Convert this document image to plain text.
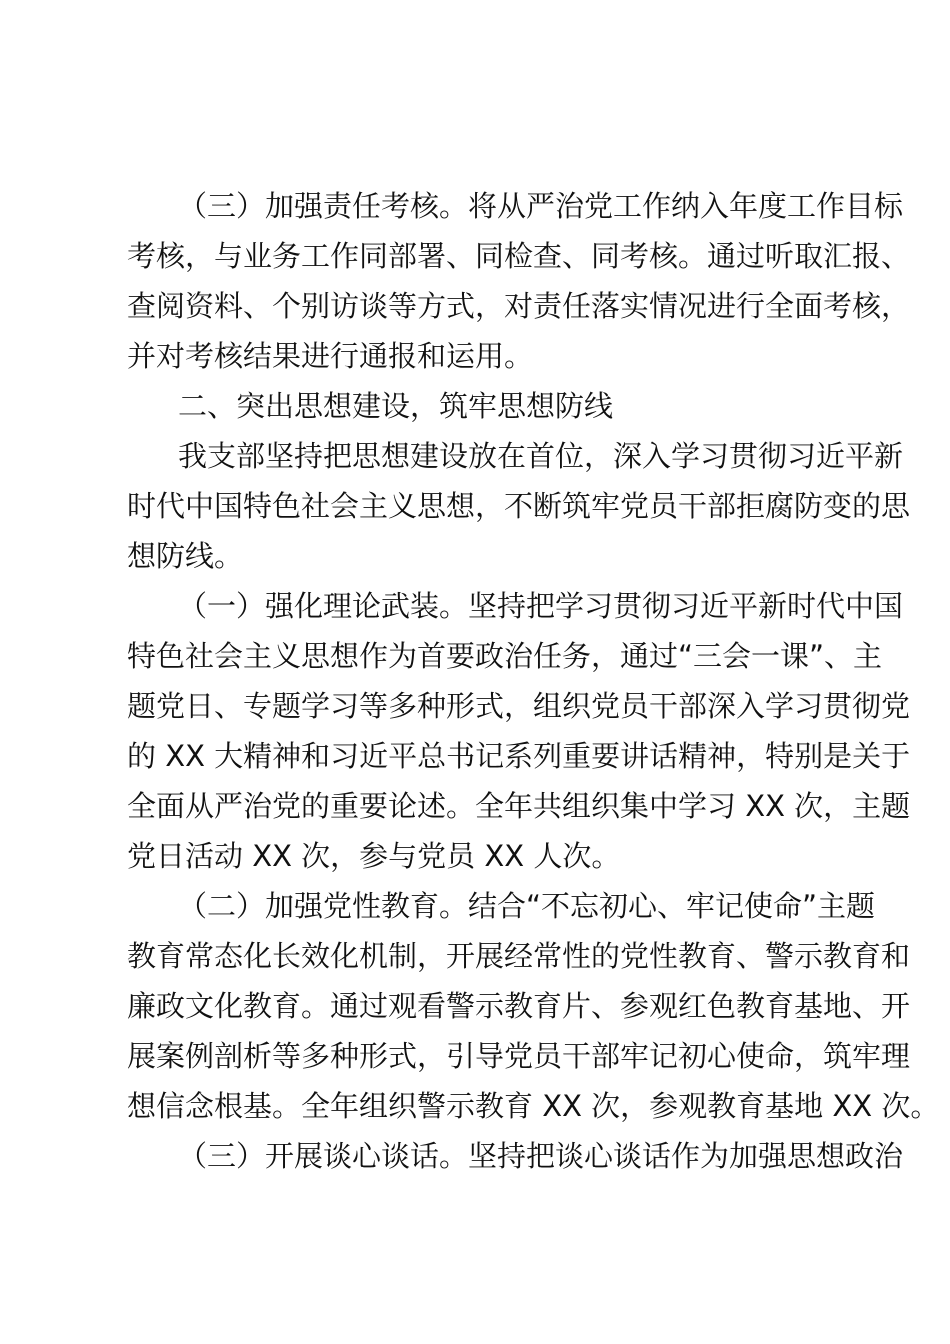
（三）加强责任考核。将从严治党工作纳入年度工作目标
考核，与业务工作同部署、同检查、同考核。通过听取汇报、
查阅资料、个别访谈等方式，对责任落实情况进行全面考核，
并对考核结果进行通报和运用。
二、突出思想建设，筑牢思想防线
我支部坚持把思想建设放在首位，深入学习贯彻习近平新
时代中国特色社会主义思想，不断筑牢党员干部拒腐防变的思
想防线。
（一）强化理论武装。坚持把学习贯彻习近平新时代中国
特色社会主义思想作为首要政治任务，通过“三会一课”、主
题党日、专题学习等多种形式，组织党员干部深入学习贯彻党
的 XX 大精神和习近平总书记系列重要讲话精神，特别是关于
全面从严治党的重要论述。全年共组织集中学习 XX 次，主题
党日活动 XX 次，参与党员 XX 人次。
（二）加强党性教育。结合“不忘初心、牢记使命”主题
教育常态化长效化机制，开展经常性的党性教育、警示教育和
廉政文化教育。通过观看警示教育片、参观红色教育基地、开
展案例剖析等多种形式，引导党员干部牢记初心使命，筑牢理
想信念根基。全年组织警示教育 XX 次，参观教育基地 XX 次。
（三）开展谈心谈话。坚持把谈心谈话作为加强思想政治
